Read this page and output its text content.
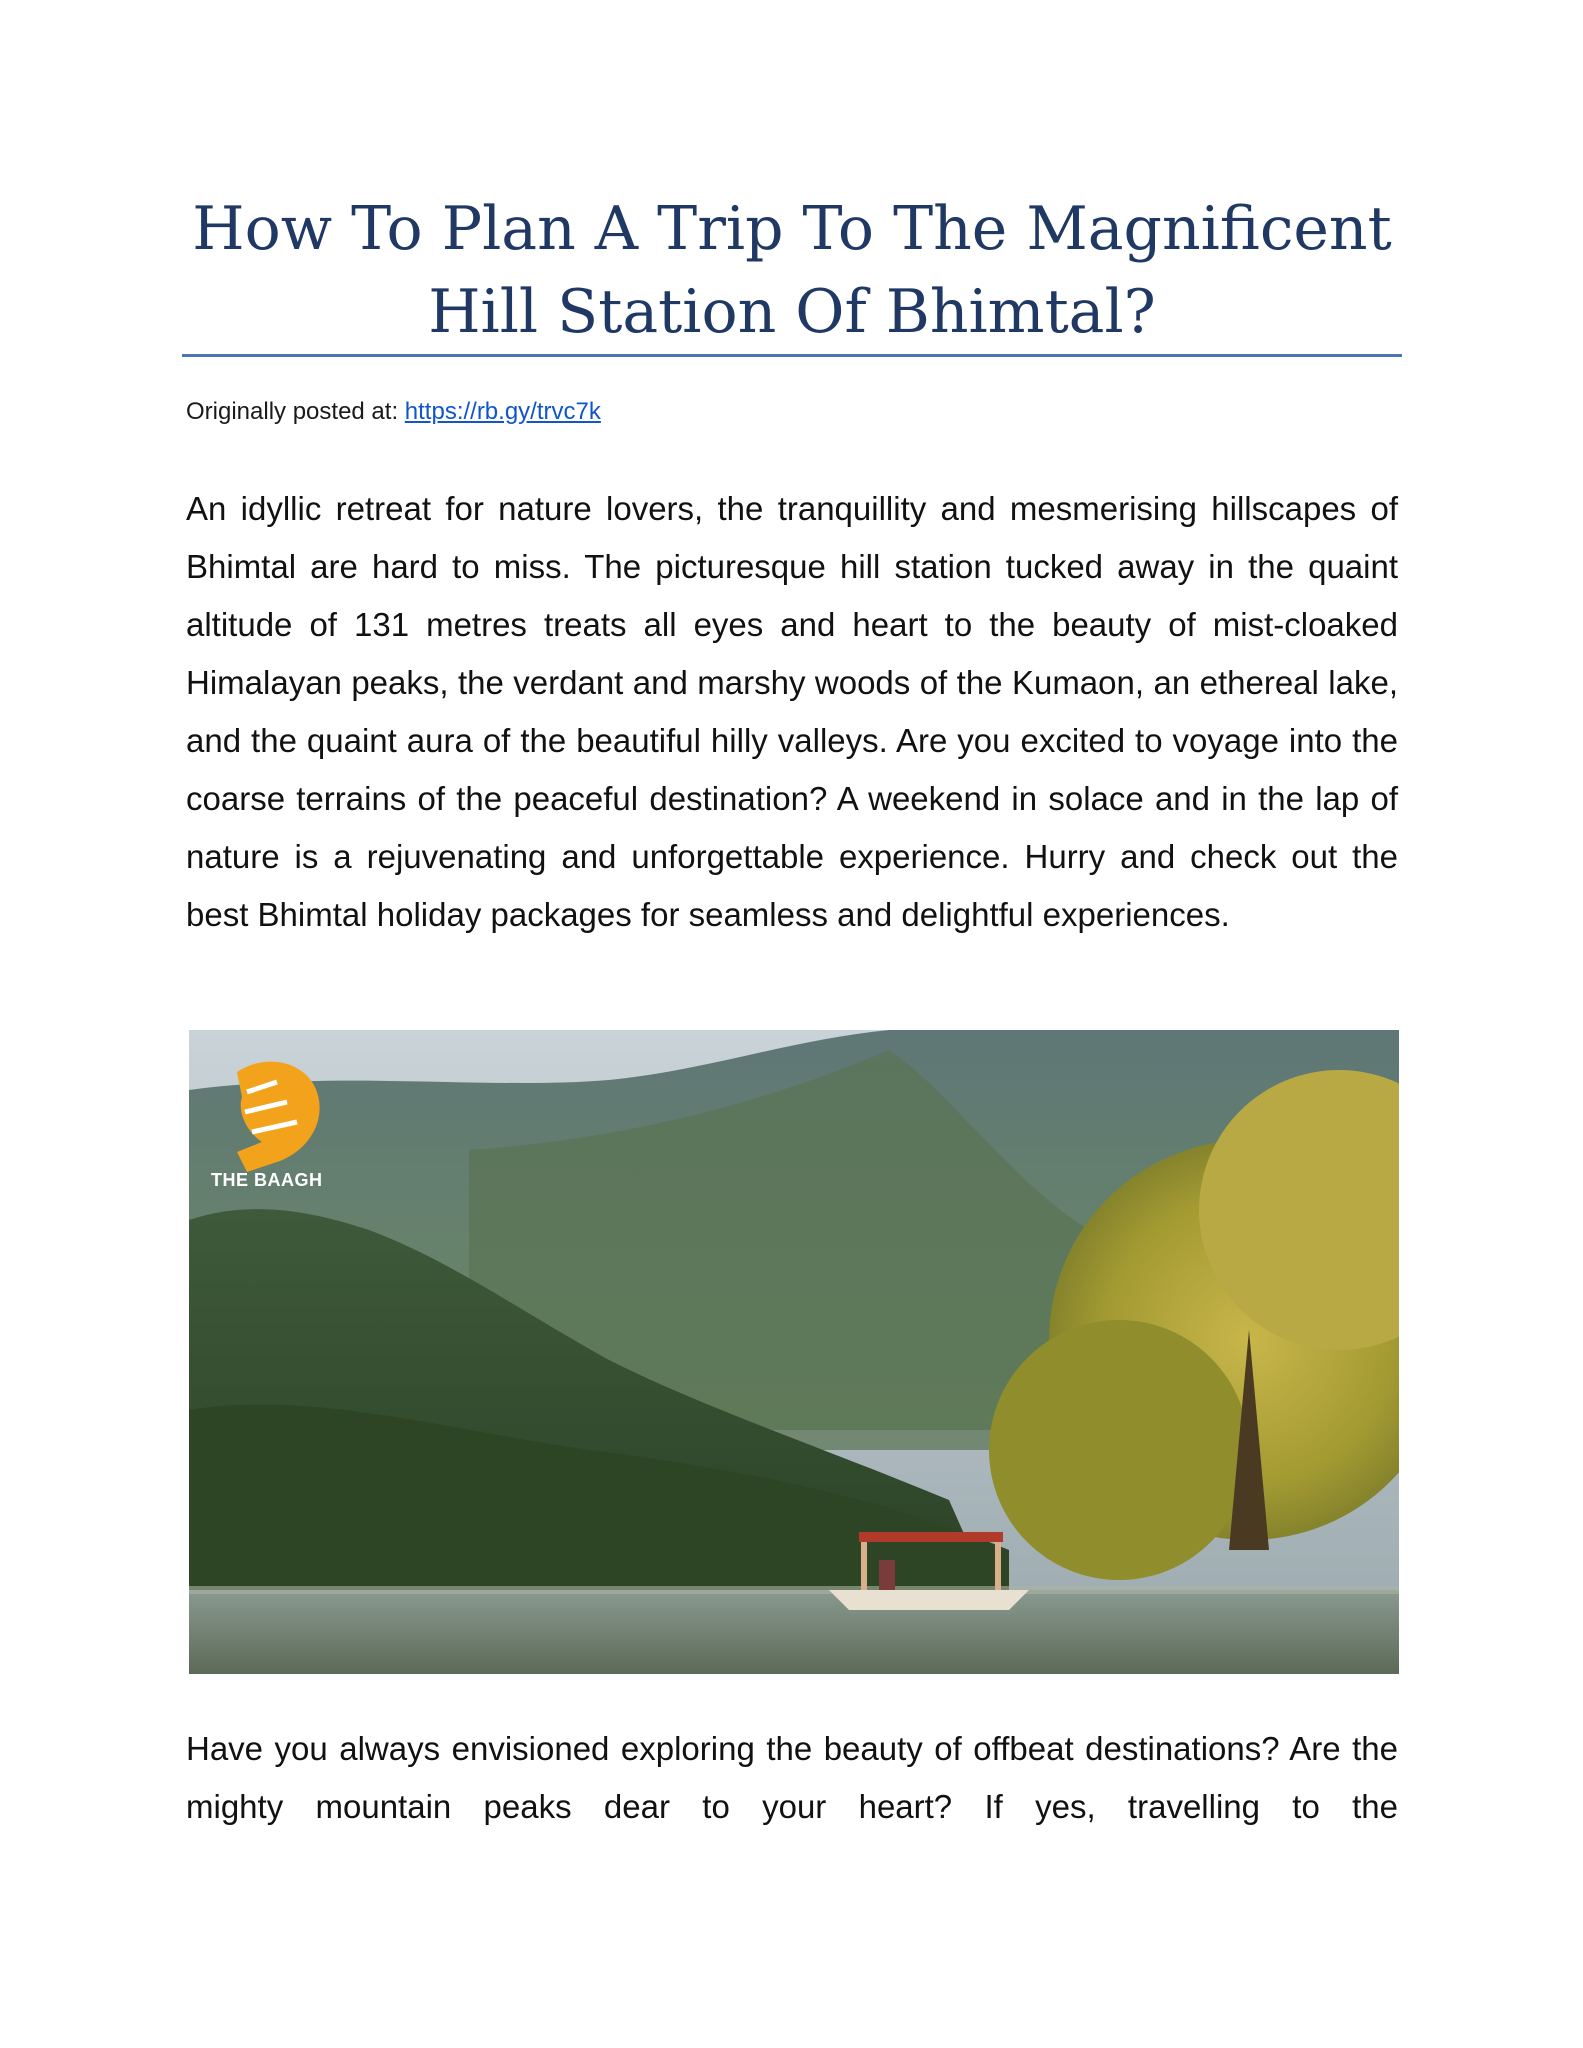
How To Plan A Trip To The Magnificent Hill Station Of Bhimtal?
Originally posted at: https://rb.gy/trvc7k

An idyllic retreat for nature lovers, the tranquillity and mesmerising hillscapes of Bhimtal are hard to miss. The picturesque hill station tucked away in the quaint altitude of 131 metres treats all eyes and heart to the beauty of mist-cloaked Himalayan peaks, the verdant and marshy woods of the Kumaon, an ethereal lake, and the quaint aura of the beautiful hilly valleys. Are you excited to voyage into the coarse terrains of the peaceful destination? A weekend in solace and in the lap of nature is a rejuvenating and unforgettable experience. Hurry and check out the best Bhimtal holiday packages for seamless and delightful experiences.

THE BAAGH

Have you always envisioned exploring the beauty of offbeat destinations? Are the mighty mountain peaks dear to your heart? If yes, travelling to the
